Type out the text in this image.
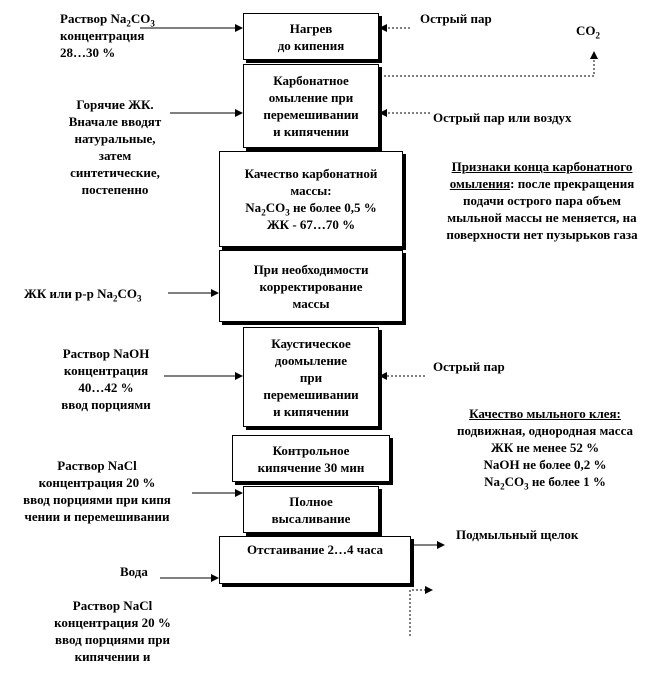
Нагрев
до кипения
Карбонатное
омыление при
перемешивании
и кипячении
Качество карбонатной
массы:
$Na_2CO_3$ не более 0,5 %
ЖК - 67…70 %
При необходимости
корректирование
массы
Каустическое
доомыление
при
перемешивании
и кипячении
Контрольное
кипячение 30 мин
Полное
высаливание
Отстаивание 2…4 часа
Раствор $Na_2CO_3$
концентрация
28…30 %
Горячие ЖК.
Вначале вводят
натуральные,
затем
синтетические,
постепенно
ЖК или р-р $Na_2CO_3$
Раствор NaOH
концентрация
40…42 %
ввод порциями
Раствор NaCl
концентрация 20 %
ввод порциями при кипя
чении и перемешивании
Вода
Раствор NaCl
концентрация 20 %
ввод порциями при
кипячении и
Острый пар
$CO_2$
Острый пар или воздух
Признаки конца карбонатного омыления: после прекращения
подачи острого пара объем
мыльной массы не меняется, на
поверхности нет пузырьков газа
Острый пар
Качество мыльного клея:
подвижная, однородная масса
ЖК не менее 52 %
NaOH не более 0,2 %
$Na_2CO_3$ не более 1 %
Подмыльный щелок
